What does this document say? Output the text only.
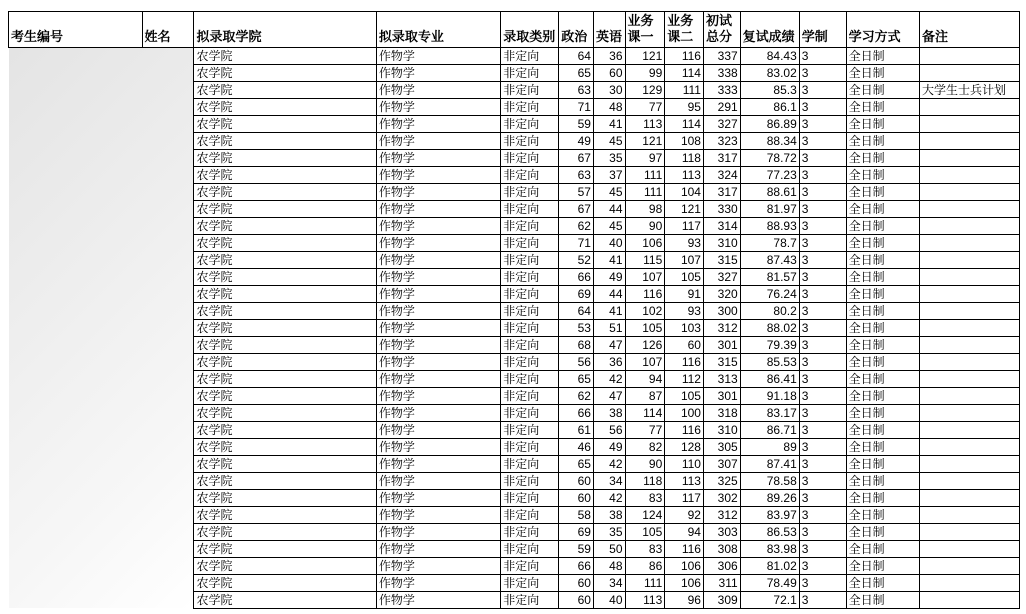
考生编号	姓名	拟录取学院	拟录取专业	录取类别	政治	英语	业务课一	业务课二	初试总分	复试成绩	学制	学习方式	备注

		农学院	作物学	非定向	64	36	121	116	337	84.43	3	全日制	
		农学院	作物学	非定向	65	60	99	114	338	83.02	3	全日制	
		农学院	作物学	非定向	63	30	129	111	333	85.3	3	全日制	大学生士兵计划
		农学院	作物学	非定向	71	48	77	95	291	86.1	3	全日制	
		农学院	作物学	非定向	59	41	113	114	327	86.89	3	全日制	
		农学院	作物学	非定向	49	45	121	108	323	88.34	3	全日制	
		农学院	作物学	非定向	67	35	97	118	317	78.72	3	全日制	
		农学院	作物学	非定向	63	37	111	113	324	77.23	3	全日制	
		农学院	作物学	非定向	57	45	111	104	317	88.61	3	全日制	
		农学院	作物学	非定向	67	44	98	121	330	81.97	3	全日制	
		农学院	作物学	非定向	62	45	90	117	314	88.93	3	全日制	
		农学院	作物学	非定向	71	40	106	93	310	78.7	3	全日制	
		农学院	作物学	非定向	52	41	115	107	315	87.43	3	全日制	
		农学院	作物学	非定向	66	49	107	105	327	81.57	3	全日制	
		农学院	作物学	非定向	69	44	116	91	320	76.24	3	全日制	
		农学院	作物学	非定向	64	41	102	93	300	80.2	3	全日制	
		农学院	作物学	非定向	53	51	105	103	312	88.02	3	全日制	
		农学院	作物学	非定向	68	47	126	60	301	79.39	3	全日制	
		农学院	作物学	非定向	56	36	107	116	315	85.53	3	全日制	
		农学院	作物学	非定向	65	42	94	112	313	86.41	3	全日制	
		农学院	作物学	非定向	62	47	87	105	301	91.18	3	全日制	
		农学院	作物学	非定向	66	38	114	100	318	83.17	3	全日制	
		农学院	作物学	非定向	61	56	77	116	310	86.71	3	全日制	
		农学院	作物学	非定向	46	49	82	128	305	89	3	全日制	
		农学院	作物学	非定向	65	42	90	110	307	87.41	3	全日制	
		农学院	作物学	非定向	60	34	118	113	325	78.58	3	全日制	
		农学院	作物学	非定向	60	42	83	117	302	89.26	3	全日制	
		农学院	作物学	非定向	58	38	124	92	312	83.97	3	全日制	
		农学院	作物学	非定向	69	35	105	94	303	86.53	3	全日制	
		农学院	作物学	非定向	59	50	83	116	308	83.98	3	全日制	
		农学院	作物学	非定向	66	48	86	106	306	81.02	3	全日制	
		农学院	作物学	非定向	60	34	111	106	311	78.49	3	全日制	
		农学院	作物学	非定向	60	40	113	96	309	72.1	3	全日制	
